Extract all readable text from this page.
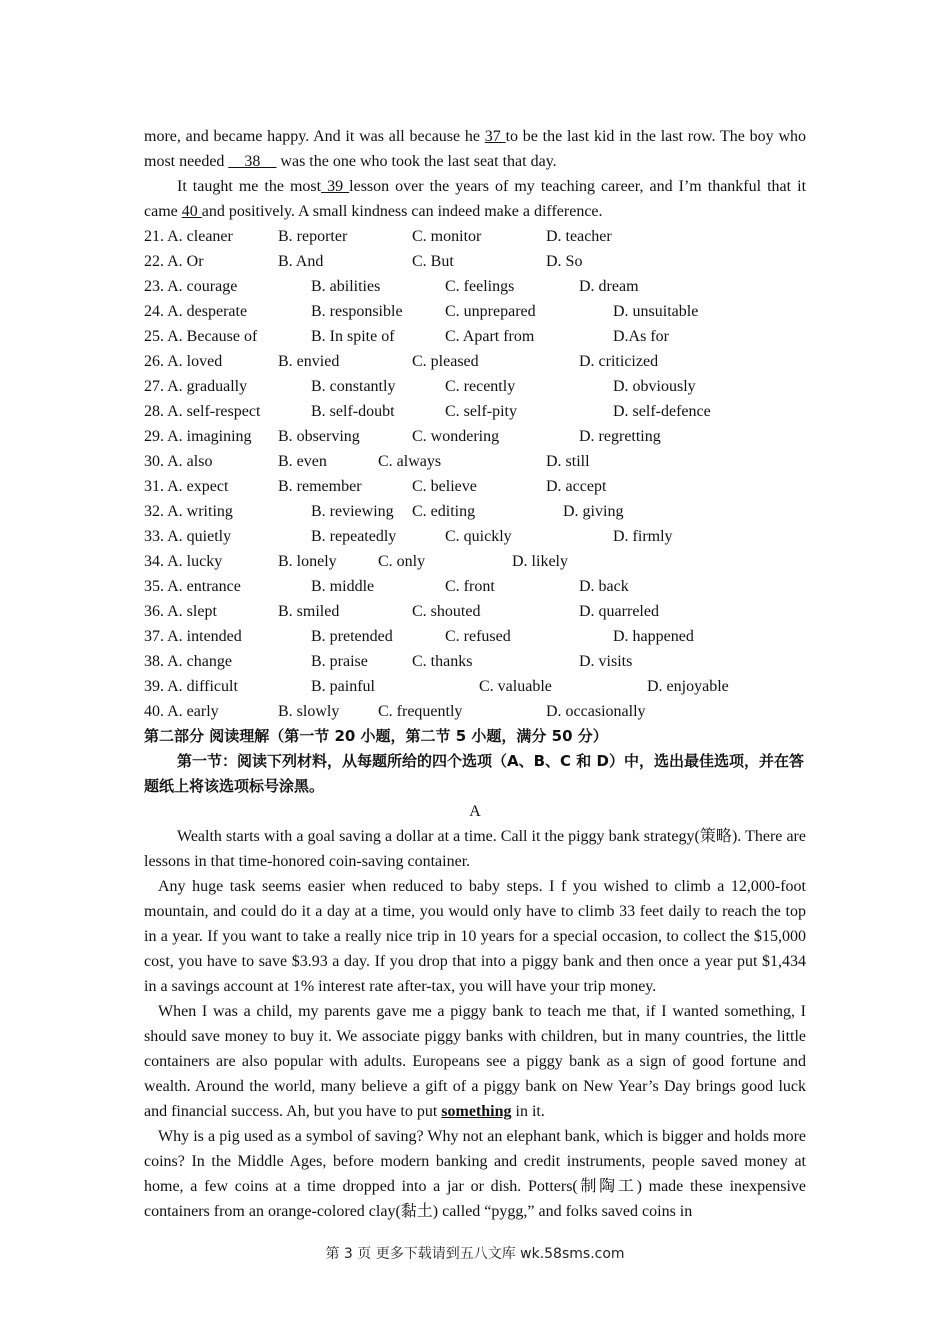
more, and became happy. And it was all because he 37 to be the last kid in the last row. The boy who most needed __38__ was the one who took the last seat that day.

It taught me the most 39 lesson over the years of my teaching career, and I’m thankful that it came 40 and positively. A small kindness can indeed make a difference.

21. A. cleaner	B. reporter	C. monitor	D. teacher
22. A. Or	B. And	C. But	D. So
23. A. courage	B. abilities	C. feelings	D. dream
24. A. desperate	B. responsible	C. unprepared	D. unsuitable
25. A. Because of	B. In spite of	C. Apart from	D.As for
26. A. loved	B. envied	C. pleased	D. criticized
27. A. gradually	B. constantly	C. recently	D. obviously
28. A. self-respect	B. self-doubt	C. self-pity	D. self-defence
29. A. imagining B. observing	C. wondering	D. regretting
30. A. also	B. even	C. always	D. still
31. A. expect	B. remember	C. believe	D. accept
32. A. writing	B. reviewing C. editing	D. giving
33. A. quietly	B. repeatedly	C. quickly	D. firmly
34. A. lucky	B. lonely	C. only	D. likely
35. A. entrance	B. middle	C. front	D. back
36. A. slept	B. smiled	C. shouted	D. quarreled
37. A. intended	B. pretended	C. refused	D. happened
38. A. change	B. praise	C. thanks	D. visits
39. A. difficult	B. painful	C. valuable	D. enjoyable
40. A. early	B. slowly C. frequently	D. occasionally

第二部分 阅读理解（第一节 20 小题，第二节 5 小题，满分 50 分）

第一节：阅读下列材料，从每题所给的四个选项（A、B、C 和 D）中，选出最佳选项，并在答题纸上将该选项标号涂黑。

A

Wealth starts with a goal saving a dollar at a time. Call it the piggy bank strategy(策略). There are lessons in that time-honored coin-saving container.

Any huge task seems easier when reduced to baby steps. I f you wished to climb a 12,000-foot mountain, and could do it a day at a time, you would only have to climb 33 feet daily to reach the top in a year. If you want to take a really nice trip in 10 years for a special occasion, to collect the $15,000 cost, you have to save $3.93 a day. If you drop that into a piggy bank and then once a year put $1,434 in a savings account at 1% interest rate after-tax, you will have your trip money.

When I was a child, my parents gave me a piggy bank to teach me that, if I wanted something, I should save money to buy it. We associate piggy banks with children, but in many countries, the little containers are also popular with adults. Europeans see a piggy bank as a sign of good fortune and wealth. Around the world, many believe a gift of a piggy bank on New Year’s Day brings good luck and financial success. Ah, but you have to put something in it.

Why is a pig used as a symbol of saving? Why not an elephant bank, which is bigger and holds more coins? In the Middle Ages, before modern banking and credit instruments, people saved money at home, a few coins at a time dropped into a jar or dish. Potters(制陶工) made these inexpensive containers from an orange-colored clay(黏土) called “pygg,” and folks saved coins in

第 3 页 更多下载请到五八文库 wk.58sms.com
